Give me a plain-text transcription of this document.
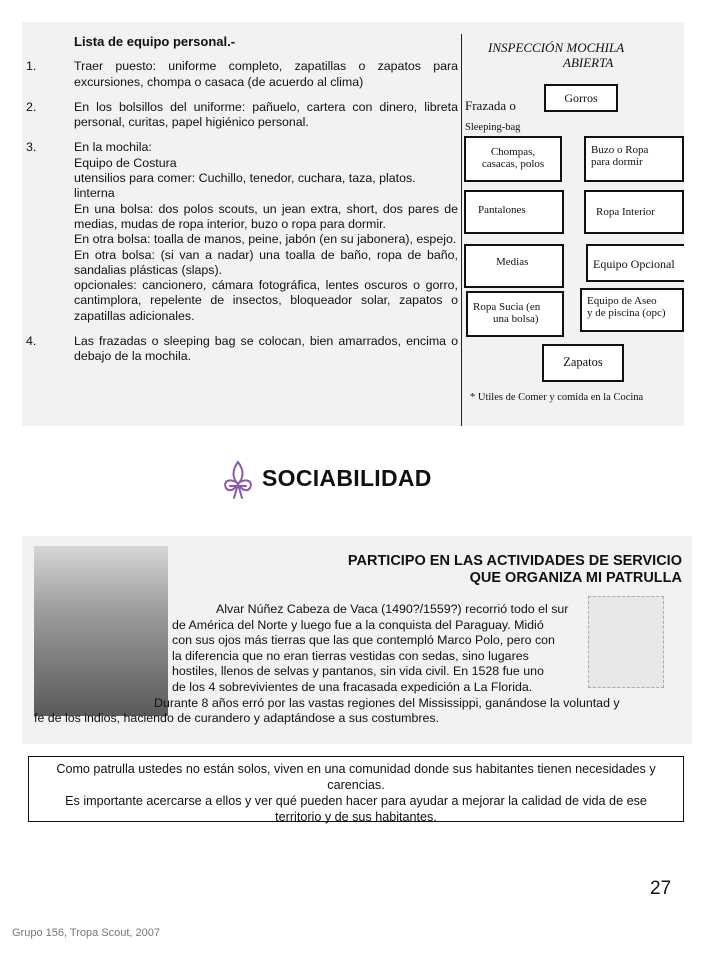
Lista de equipo personal.-
1.	Traer puesto: uniforme completo, zapatillas o zapatos para excursiones, chompa o casaca (de acuerdo al clima)
2.	En los bolsillos del uniforme: pañuelo, cartera con dinero, libreta personal, curitas, papel higiénico personal.
3.	En la mochila:
Equipo de Costura
utensilios para comer: Cuchillo, tenedor, cuchara, taza, platos.
linterna
En una bolsa: dos polos scouts, un jean extra, short, dos pares de medias, mudas de ropa interior, buzo o ropa para dormir.
En otra bolsa: toalla de manos, peine, jabón (en su jabonera), espejo.
En otra bolsa: (si van a nadar) una toalla de baño, ropa de baño, sandalias plásticas (slaps).
opcionales: cancionero, cámara fotográfica, lentes oscuros o gorro, cantimplora, repelente de insectos, bloqueador solar, zapatos o zapatillas adicionales.
4.	Las frazadas o sleeping bag se colocan, bien amarrados, encima o debajo de la mochila.
INSPECCIÓN MOCHILA
ABIERTA
Frazada o
Sleeping-bag
Gorros
Chompas,
casacas, polos
Buzo o Ropa
para dormir
Pantalones	Ropa Interior
Medias	Equipo Opcional
Ropa Sucia (en
una bolsa)
Equipo de Aseo
y de piscina (opc)
Zapatos
* Utiles de Comer y comida en la Cocina
SOCIABILIDAD
PARTICIPO EN LAS ACTIVIDADES DE SERVICIO
QUE ORGANIZA MI PATRULLA
Alvar Núñez Cabeza de Vaca (1490?/1559?) recorrió todo el sur
de América del Norte y luego fue a la conquista del Paraguay. Midió
con sus ojos más tierras que las que contempló Marco Polo, pero con
la diferencia que no eran tierras vestidas con sedas, sino lugares
hostiles, llenos de selvas y pantanos, sin vida civil. En 1528 fue uno
de los 4 sobrevivientes de una fracasada expedición a La Florida.
Durante 8 años erró por las vastas regiones del Mississippi, ganándose la voluntad y
fe de los indios, haciendo de curandero y adaptándose a sus costumbres.
Como patrulla ustedes no están solos, viven en una comunidad donde sus habitantes tienen necesidades y
carencias.
Es importante acercarse a ellos y ver qué pueden hacer para ayudar a mejorar la calidad de vida de ese
territorio y de sus habitantes.
27
Grupo 156, Tropa Scout, 2007
